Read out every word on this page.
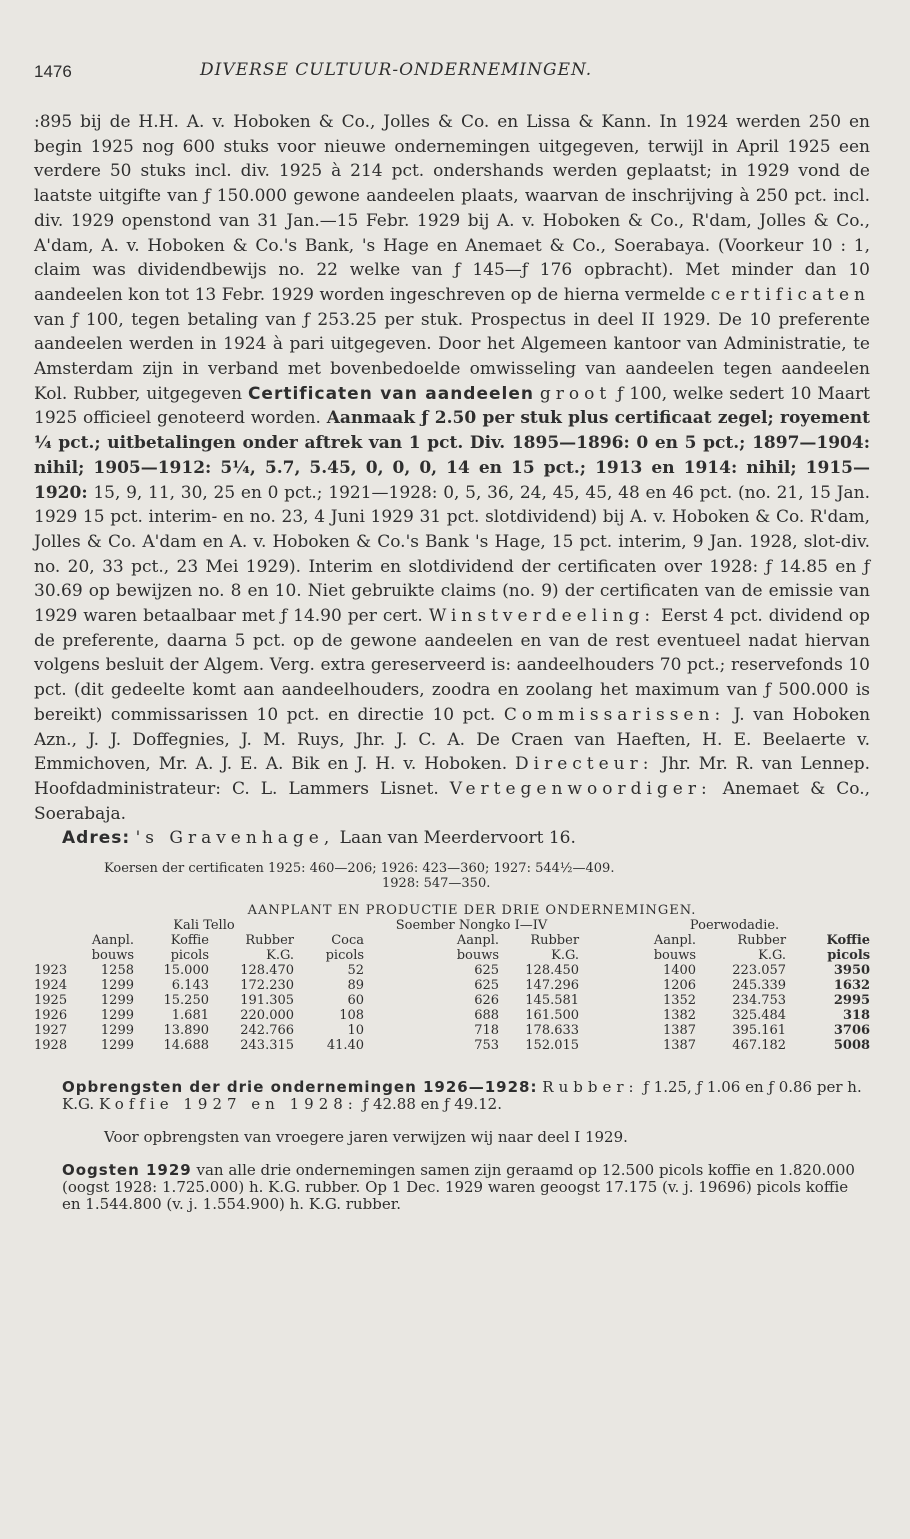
1476	DIVERSE CULTUUR-ONDERNEMINGEN.

:895 bij de H.H. A. v. Hoboken & Co., Jolles & Co. en Lissa & Kann. In 1924 werden 250 en begin 1925 nog 600 stuks voor nieuwe ondernemingen uitgegeven, terwijl in April 1925 een verdere 50 stuks incl. div. 1925 à 214 pct. ondershands werden geplaatst; in 1929 vond de laatste uitgifte van ƒ 150.000 gewone aandeelen plaats, waarvan de inschrijving à 250 pct. incl. div. 1929 openstond van 31 Jan.—15 Febr. 1929 bij A. v. Hoboken & Co., R'dam, Jolles & Co., A'dam, A. v. Hoboken & Co.'s Bank, 's Hage en Anemaet & Co., Soerabaya. (Voorkeur 10 : 1, claim was dividendbewijs no. 22 welke van ƒ 145—ƒ 176 opbracht). Met minder dan 10 aandeelen kon tot 13 Febr. 1929 worden ingeschreven op de hierna vermelde certificaten van ƒ 100, tegen betaling van ƒ 253.25 per stuk. Prospectus in deel II 1929. De 10 preferente aandeelen werden in 1924 à pari uitgegeven. Door het Algemeen kantoor van Administratie, te Amsterdam zijn in verband met bovenbedoelde omwisseling van aandeelen tegen aandeelen Kol. Rubber, uitgegeven Certificaten van aandeelen groot ƒ 100, welke sedert 10 Maart 1925 officieel genoteerd worden. Aanmaak ƒ 2.50 per stuk plus certificaat zegel; royement ¼ pct.; uitbetalingen onder aftrek van 1 pct. Div. 1895—1896: 0 en 5 pct.; 1897—1904: nihil; 1905—1912: 5¼, 5.7, 5.45, 0, 0, 0, 14 en 15 pct.; 1913 en 1914: nihil; 1915—1920: 15, 9, 11, 30, 25 en 0 pct.; 1921—1928: 0, 5, 36, 24, 45, 45, 48 en 46 pct. (no. 21, 15 Jan. 1929 15 pct. interim- en no. 23, 4 Juni 1929 31 pct. slotdividend) bij A. v. Hoboken & Co. R'dam, Jolles & Co. A'dam en A. v. Hoboken & Co.'s Bank 's Hage, 15 pct. interim, 9 Jan. 1928, slot-div. no. 20, 33 pct., 23 Mei 1929). Interim en slotdividend der certificaten over 1928: ƒ 14.85 en ƒ 30.69 op bewijzen no. 8 en 10. Niet gebruikte claims (no. 9) der certificaten van de emissie van 1929 waren betaalbaar met ƒ 14.90 per cert. Winstverdeeling: Eerst 4 pct. dividend op de preferente, daarna 5 pct. op de gewone aandeelen en van de rest eventueel nadat hiervan volgens besluit der Algem. Verg. extra gereserveerd is: aandeelhouders 70 pct.; reservefonds 10 pct. (dit gedeelte komt aan aandeelhouders, zoodra en zoolang het maximum van ƒ 500.000 is bereikt) commissarissen 10 pct. en directie 10 pct. Commissarissen: J. van Hoboken Azn., J. J. Doffegnies, J. M. Ruys, Jhr. J. C. A. De Craen van Haeften, H. E. Beelaerte v. Emmichoven, Mr. A. J. E. A. Bik en J. H. v. Hoboken. Directeur: Jhr. Mr. R. van Lennep. Hoofdadministrateur: C. L. Lammers Lisnet. Vertegenwoordiger: Anemaet & Co., Soerabaja.

Adres: 's Gravenhage, Laan van Meerdervoort 16.

Koersen der certificaten 1925: 460—206; 1926: 423—360; 1927: 544½—409.
1928: 547—350.
AANPLANT EN PRODUCTIE DER DRIE ONDERNEMINGEN.
	Kali Tello				Soember Nongko I—IV		Poerwodadie.		
	Aanpl.	Koffie	Rubber	Coca	Aanpl.	Rubber	Aanpl.	Rubber	Koffie
	bouws	picols	K.G.	picols	bouws	K.G.	bouws	K.G.	picols
1923	1258	15.000	128.470	52	625	128.450	1400	223.057	3950
1924	1299	6.143	172.230	89	625	147.296	1206	245.339	1632
1925	1299	15.250	191.305	60	626	145.581	1352	234.753	2995
1926	1299	1.681	220.000	108	688	161.500	1382	325.484	318
1927	1299	13.890	242.766	10	718	178.633	1387	395.161	3706
1928	1299	14.688	243.315	41.40	753	152.015	1387	467.182	5008

Opbrengsten der drie ondernemingen 1926—1928: Rubber: ƒ 1.25, ƒ 1.06 en ƒ 0.86 per h. K.G. Koffie 1927 en 1928: ƒ 42.88 en ƒ 49.12.

Voor opbrengsten van vroegere jaren verwijzen wij naar deel I 1929.

Oogsten 1929 van alle drie ondernemingen samen zijn geraamd op 12.500 picols koffie en 1.820.000 (oogst 1928: 1.725.000) h. K.G. rubber. Op 1 Dec. 1929 waren geoogst 17.175 (v. j. 19696) picols koffie en 1.544.800 (v. j. 1.554.900) h. K.G. rubber.
